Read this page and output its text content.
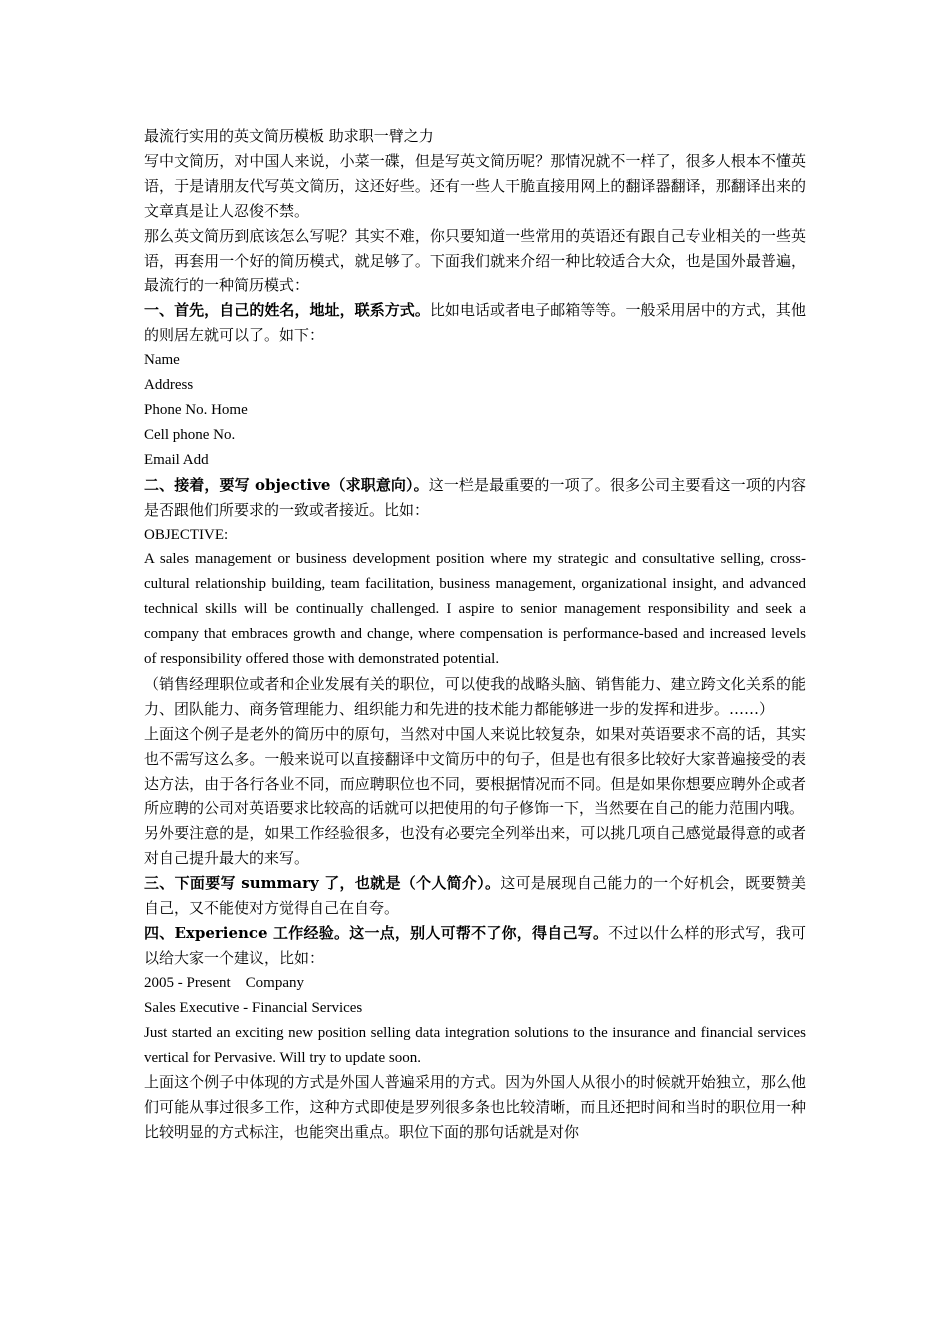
最流行实用的英文简历模板 助求职一臂之力

写中文简历，对中国人来说，小菜一碟，但是写英文简历呢？那情况就不一样了，很多人根本不懂英语，于是请朋友代写英文简历，这还好些。还有一些人干脆直接用网上的翻译器翻译，那翻译出来的文章真是让人忍俊不禁。

那么英文简历到底该怎么写呢？其实不难，你只要知道一些常用的英语还有跟自己专业相关的一些英语，再套用一个好的简历模式，就足够了。下面我们就来介绍一种比较适合大众，也是国外最普遍，最流行的一种简历模式：

一、首先，自己的姓名，地址，联系方式。比如电话或者电子邮箱等等。一般采用居中的方式，其他的则居左就可以了。如下：

Name

Address

Phone No. Home

Cell phone No.

Email Add

二、接着，要写 objective（求职意向）。这一栏是最重要的一项了。很多公司主要看这一项的内容是否跟他们所要求的一致或者接近。比如：

OBJECTIVE:

A sales management or business development position where my strategic and consultative selling, cross-cultural relationship building, team facilitation, business management, organizational insight, and advanced technical skills will be continually challenged. I aspire to senior management responsibility and seek a company that embraces growth and change, where compensation is performance-based and increased levels of responsibility offered those with demonstrated potential.

（销售经理职位或者和企业发展有关的职位，可以使我的战略头脑、销售能力、建立跨文化关系的能力、团队能力、商务管理能力、组织能力和先进的技术能力都能够进一步的发挥和进步。……）

上面这个例子是老外的简历中的原句，当然对中国人来说比较复杂，如果对英语要求不高的话，其实也不需写这么多。一般来说可以直接翻译中文简历中的句子，但是也有很多比较好大家普遍接受的表达方法，由于各行各业不同，而应聘职位也不同，要根据情况而不同。但是如果你想要应聘外企或者所应聘的公司对英语要求比较高的话就可以把使用的句子修饰一下，当然要在自己的能力范围内哦。

另外要注意的是，如果工作经验很多，也没有必要完全列举出来，可以挑几项自己感觉最得意的或者对自己提升最大的来写。

三、下面要写 summary 了，也就是（个人简介）。这可是展现自己能力的一个好机会，既要赞美自己，又不能使对方觉得自己在自夸。

四、Experience 工作经验。这一点，别人可帮不了你，得自己写。不过以什么样的形式写，我可以给大家一个建议，比如：

2005 - Present    Company

Sales Executive - Financial Services

Just started an exciting new position selling data integration solutions to the insurance and financial services vertical for Pervasive. Will try to update soon.

上面这个例子中体现的方式是外国人普遍采用的方式。因为外国人从很小的时候就开始独立，那么他们可能从事过很多工作，这种方式即使是罗列很多条也比较清晰，而且还把时间和当时的职位用一种比较明显的方式标注，也能突出重点。职位下面的那句话就是对你
